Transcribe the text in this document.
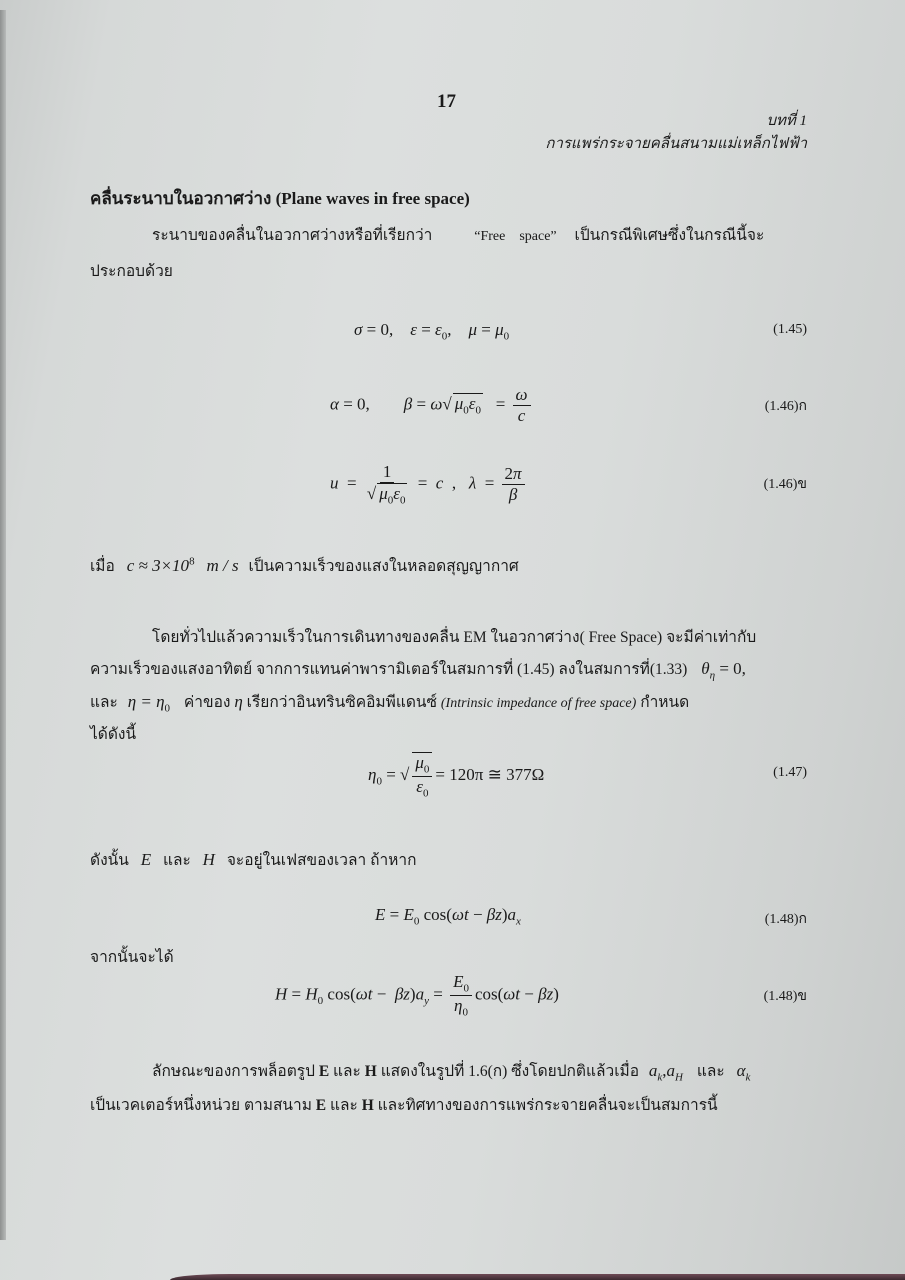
17
บทที่ 1
การแพร่กระจายคลื่นสนามแม่เหล็กไฟฟ้า
คลื่นระนาบในอวกาศว่าง (Plane waves in free space)
ระนาบของคลื่นในอวกาศว่างหรือที่เรียกว่า	“Free    space” เป็นกรณีพิเศษซึ่งในกรณีนี้จะ
ประกอบด้วย
σ = 0,    $\varepsilon = \varepsilon_0$,    $\mu = \mu_0$	(1.45)
α = 0,        β = ω√ $\mu_0\varepsilon_0 = \frac{\omega}{c}$	(1.46)ก
$u = \frac{1}{√ \mu_0\varepsilon_0} = c$  ,   $\lambda = \frac{2\pi}{\beta}$	(1.46)ข
เมื่อ $c \approx 3\times 10^8$ m / s เป็นความเร็วของแสงในหลอดสุญญากาศ
โดยทั่วไปแล้วความเร็วในการเดินทางของคลื่น EM ในอวกาศว่าง( Free Space) จะมีค่าเท่ากับ
ความเร็วของแสงอาทิตย์ จากการแทนค่าพารามิเตอร์ในสมการที่ (1.45) ลงในสมการที่(1.33) $\theta_\eta = 0$,
และ $\eta = \eta_0$ ค่าของ η เรียกว่าอินทรินซิคอิมพีแดนซ์ (Intrinsic impedance of free space) กำหนด
ได้ดังนี้
$\eta_0$ = √ $\frac{\mu_0}{\varepsilon_0} = 120\pi$ ≅ 377Ω	(1.47)
ดังนั้น E และ H จะอยู่ในเฟสของเวลา ถ้าหาก
$E = E_0$ $\cos(\omega t - \beta z)a_x$	(1.48)ก
จากนั้นจะได้
$H = H_0$ $\cos(\omega t - \beta z)a_y = \frac{E_0}{\eta_0} \cos(\omega t - \beta z)$	(1.48)ข
ลักษณะของการพล็อตรูป E และ H แสดงในรูปที่ 1.6(ก) ซึ่งโดยปกติแล้วเมื่อ $a_k,a_H$ และ $\alpha_k$
เป็นเวคเตอร์หนึ่งหน่วย ตามสนาม E และ H และทิศทางของการแพร่กระจายคลื่นจะเป็นสมการนี้
